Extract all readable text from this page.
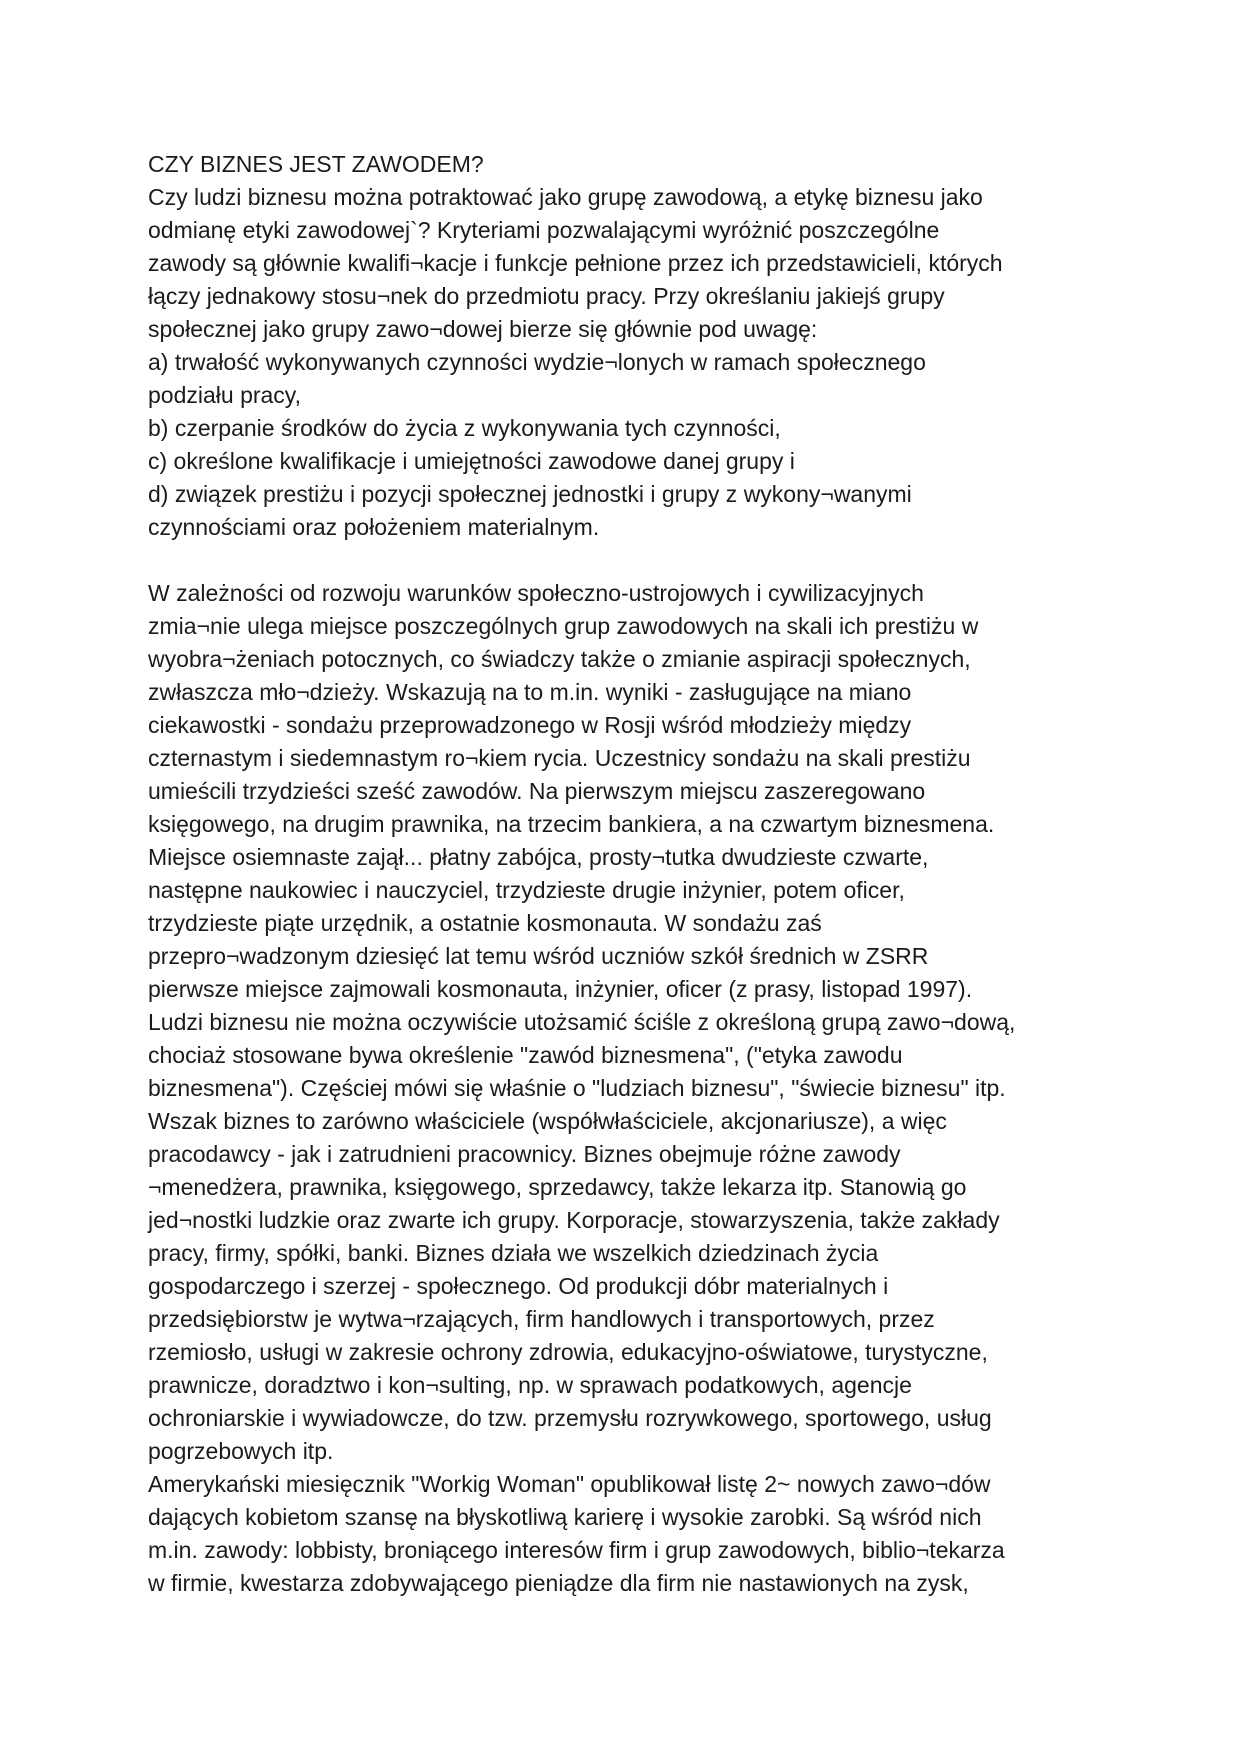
CZY BIZNES JEST ZAWODEM?
Czy ludzi biznesu można potraktować jako grupę zawodową, a etykę biznesu jako
odmianę etyki zawodowej`? Kryteriami pozwalającymi wyróżnić poszczególne
zawody są głównie kwalifi¬kacje i funkcje pełnione przez ich przedstawicieli, których
łączy jednakowy stosu¬nek do przedmiotu pracy. Przy określaniu jakiejś grupy
społecznej jako grupy zawo¬dowej bierze się głównie pod uwagę:
a) trwałość wykonywanych czynności wydzie¬lonych w ramach społecznego
podziału pracy,
b) czerpanie środków do życia z wykonywania tych czynności,
c) określone kwalifikacje i umiejętności zawodowe danej grupy i
d) związek prestiżu i pozycji społecznej jednostki i grupy z wykony¬wanymi
czynnościami oraz położeniem materialnym.
W zależności od rozwoju warunków społeczno-ustrojowych i cywilizacyjnych
zmia¬nie ulega miejsce poszczególnych grup zawodowych na skali ich prestiżu w
wyobra¬żeniach potocznych, co świadczy także o zmianie aspiracji społecznych,
zwłaszcza mło¬dzieży. Wskazują na to m.in. wyniki - zasługujące na miano
ciekawostki - sondażu przeprowadzonego w Rosji wśród młodzieży między
czternastym i siedemnastym ro¬kiem rycia. Uczestnicy sondażu na skali prestiżu
umieścili trzydzieści sześć zawodów. Na pierwszym miejscu zaszeregowano
księgowego, na drugim prawnika, na trzecim bankiera, a na czwartym biznesmena.
Miejsce osiemnaste zajął... płatny zabójca, prosty¬tutka dwudzieste czwarte,
następne naukowiec i nauczyciel, trzydzieste drugie inżynier, potem oficer,
trzydzieste piąte urzędnik, a ostatnie kosmonauta. W sondażu zaś
przepro¬wadzonym dziesięć lat temu wśród uczniów szkół średnich w ZSRR
pierwsze miejsce zajmowali kosmonauta, inżynier, oficer (z prasy, listopad 1997).
Ludzi biznesu nie można oczywiście utożsamić ściśle z określoną grupą zawo¬dową,
chociaż stosowane bywa określenie "zawód biznesmena", ("etyka zawodu
biznesmena"). Częściej mówi się właśnie o "ludziach biznesu", "świecie biznesu" itp.
Wszak biznes to zarówno właściciele (współwłaściciele, akcjonariusze), a więc
pracodawcy - jak i zatrudnieni pracownicy. Biznes obejmuje różne zawody
¬menedżera, prawnika, księgowego, sprzedawcy, także lekarza itp. Stanowią go
jed¬nostki ludzkie oraz zwarte ich grupy. Korporacje, stowarzyszenia, także zakłady
pracy, firmy, spółki, banki. Biznes działa we wszelkich dziedzinach życia
gospodarczego i szerzej - społecznego. Od produkcji dóbr materialnych i
przedsiębiorstw je wytwa¬rzających, firm handlowych i transportowych, przez
rzemiosło, usługi w zakresie ochrony zdrowia, edukacyjno-oświatowe, turystyczne,
prawnicze, doradztwo i kon¬sulting, np. w sprawach podatkowych, agencje
ochroniarskie i wywiadowcze, do tzw. przemysłu rozrywkowego, sportowego, usług
pogrzebowych itp.
Amerykański miesięcznik "Workig Woman" opublikował listę 2~ nowych zawo¬dów
dających kobietom szansę na błyskotliwą karierę i wysokie zarobki. Są wśród nich
m.in. zawody: lobbisty, broniącego interesów firm i grup zawodowych, biblio¬tekarza
w firmie, kwestarza zdobywającego pieniądze dla firm nie nastawionych na zysk,
